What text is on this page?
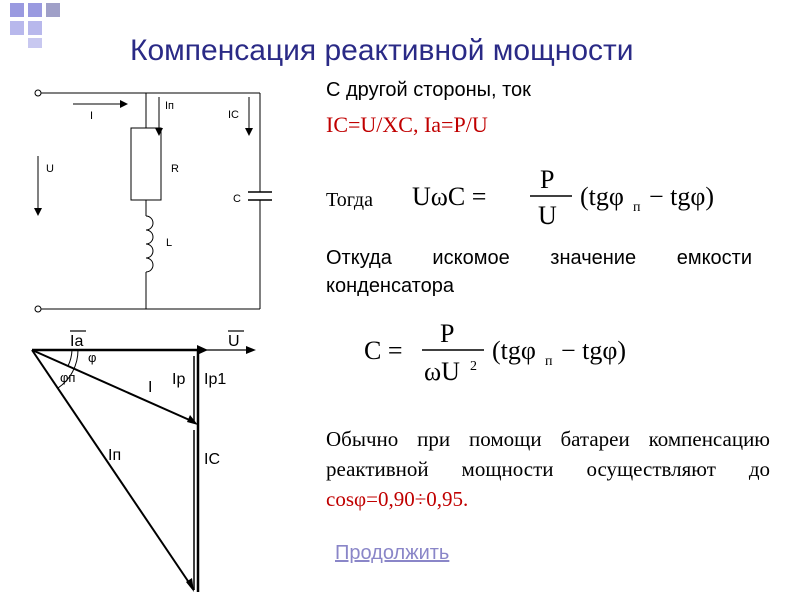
Компенсация реактивной мощности
I
Iп
IC
U	R
L
C
Ia	U
φ
φп
I Ip Ip1
Iп	IC
С другой стороны, ток
IC=U/XC, Ia=P/U
Тогда UωC =
P
U
(tgφ п − tgφ)
Откуда искомое значение емкости конденсатора
C =
P
ωU 2
(tgφ п − tgφ)
Обычно при помощи батареи компенсацию реактивной мощности осуществляют до cosφ=0,90÷0,95.
Продолжить
